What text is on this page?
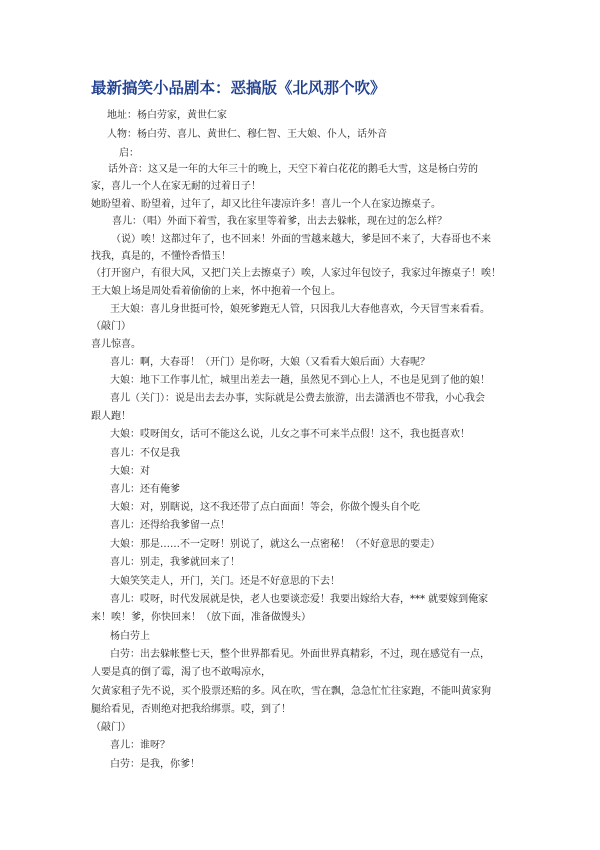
最新搞笑小品剧本：恶搞版《北风那个吹》
地址：杨白劳家，黄世仁家
人物：杨白劳、喜儿、黄世仁、穆仁智、王大娘、仆人，话外音
启：
话外音：这又是一年的大年三十的晚上，天空下着白花花的鹅毛大雪，这是杨白劳的
家，喜儿一个人在家无耐的过着日子！
她盼望着、盼望着，过年了，却又比往年凄凉许多！喜儿一个人在家边擦桌子。
喜儿：（唱）外面下着雪，我在家里等着爹，出去去躲帐，现在过的怎么样？
（说）唉！这都过年了，也不回来！外面的雪越来越大，爹是回不来了，大春哥也不来
找我，真是的，不懂怜香惜玉！
（打开窗户，有很大风，又把门关上去擦桌子）唉，人家过年包饺子，我家过年擦桌子！唉！
王大娘上场是周处看着偷偷的上来，怀中抱着一个包上。
王大娘：喜儿身世挺可怜，娘死爹跑无人管，只因我儿大春他喜欢，今天冒雪来看看。
（敲门）
喜儿惊喜。
喜儿：啊，大春哥！（开门）是你呀，大娘（又看看大娘后面）大春呢？
大娘：地下工作事儿忙，城里出差去一趟，虽然见不到心上人，不也是见到了他的娘！
喜儿（关门）：说是出去去办事，实际就是公费去旅游，出去潇洒也不带我，小心我会
跟人跑！
大娘：哎呀闺女，话可不能这么说，儿女之事不可来半点假！这不，我也挺喜欢！
喜儿：不仅是我
大娘：对
喜儿：还有俺爹
大娘：对，别瞎说，这不我还带了点白面面！等会，你做个馒头自个吃
喜儿：还得给我爹留一点！
大娘：那是……不一定呀！别说了，就这么一点密秘！（不好意思的要走）
喜儿：别走，我爹就回来了！
大娘笑笑走人，开门，关门。还是不好意思的下去！
喜儿：哎呀，时代发展就是快，老人也要谈恋爱！我要出嫁给大春，*** 就要嫁到俺家
来！唉！爹，你快回来！（放下面，准备做馒头）
杨白劳上
白劳：出去躲帐整七天，整个世界都看见。外面世界真精彩，不过，现在感觉有一点，
人要是真的倒了霉，渴了也不敢喝凉水，
欠黄家租子先不说，买个股票还赔的多。风在吹，雪在飘，急急忙忙往家跑，不能叫黄家狗
腿给看见，否则绝对把我给绑票。哎，到了！
（敲门）
喜儿：谁呀？
白劳：是我，你爹！
